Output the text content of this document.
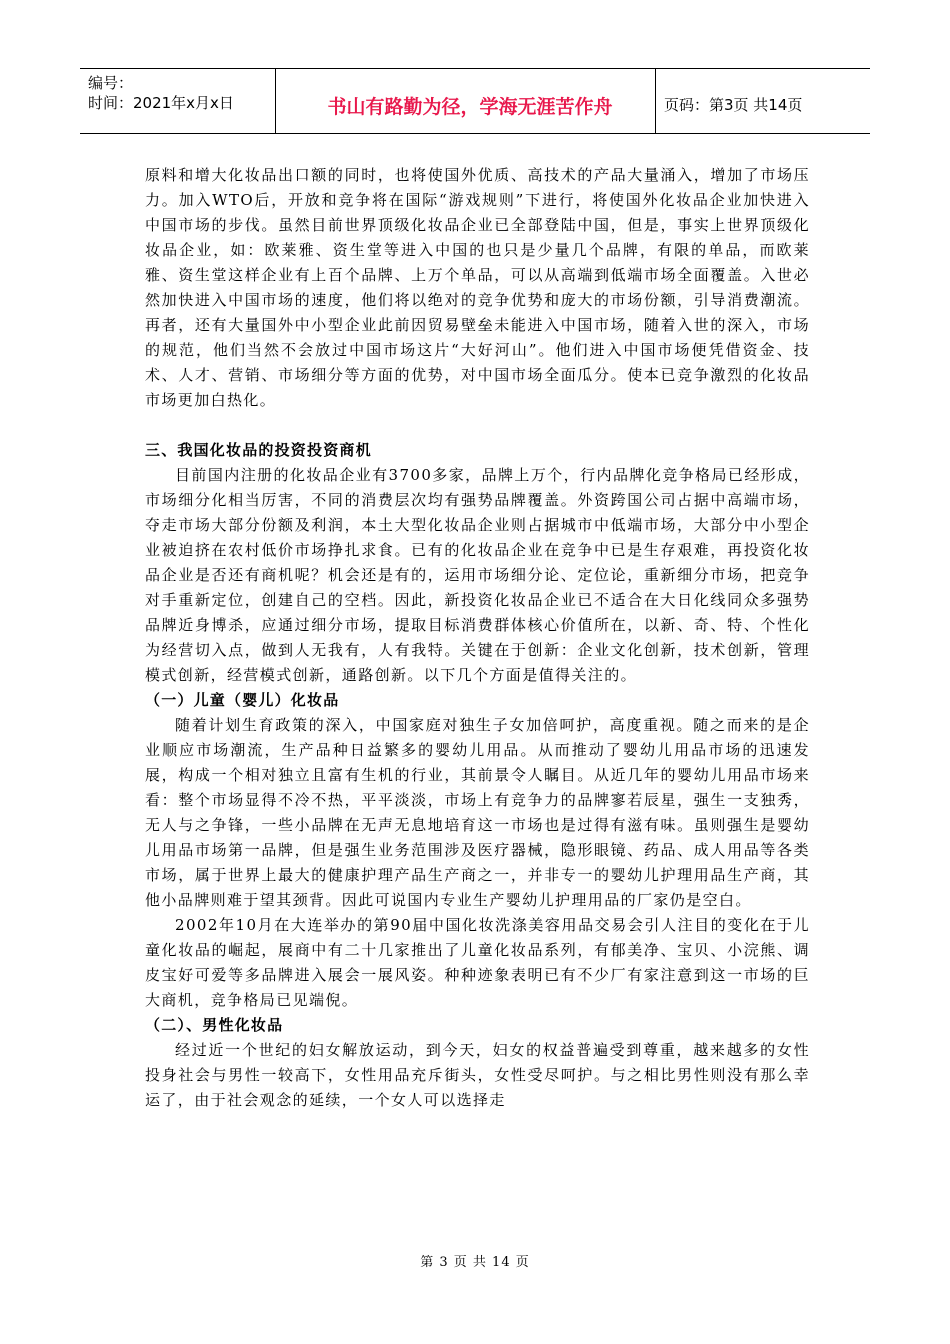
编号：
时间：2021年x月x日	书山有路勤为径，学海无涯苦作舟	页码：第3页 共14页

原料和增大化妆品出口额的同时，也将使国外优质、高技术的产品大量涌入，增加了市场压力。加入WTO后，开放和竞争将在国际“游戏规则”下进行，将使国外化妆品企业加快进入中国市场的步伐。虽然目前世界顶级化妆品企业已全部登陆中国，但是，事实上世界顶级化妆品企业，如：欧莱雅、资生堂等进入中国的也只是少量几个品牌，有限的单品，而欧莱雅、资生堂这样企业有上百个品牌、上万个单品，可以从高端到低端市场全面覆盖。入世必然加快进入中国市场的速度，他们将以绝对的竞争优势和庞大的市场份额，引导消费潮流。再者，还有大量国外中小型企业此前因贸易壁垒未能进入中国市场，随着入世的深入，市场的规范，他们当然不会放过中国市场这片“大好河山”。他们进入中国市场便凭借资金、技术、人才、营销、市场细分等方面的优势，对中国市场全面瓜分。使本已竞争激烈的化妆品市场更加白热化。

三、我国化妆品的投资投资商机

目前国内注册的化妆品企业有3700多家，品牌上万个，行内品牌化竞争格局已经形成，市场细分化相当厉害，不同的消费层次均有强势品牌覆盖。外资跨国公司占据中高端市场，夺走市场大部分份额及利润，本土大型化妆品企业则占据城市中低端市场，大部分中小型企业被迫挤在农村低价市场挣扎求食。已有的化妆品企业在竞争中已是生存艰难，再投资化妆品企业是否还有商机呢？机会还是有的，运用市场细分论、定位论，重新细分市场，把竞争对手重新定位，创建自己的空档。因此，新投资化妆品企业已不适合在大日化线同众多强势品牌近身博杀，应通过细分市场，提取目标消费群体核心价值所在，以新、奇、特、个性化为经营切入点，做到人无我有，人有我特。关键在于创新：企业文化创新，技术创新，管理模式创新，经营模式创新，通路创新。以下几个方面是值得关注的。

（一）儿童（婴儿）化妆品

随着计划生育政策的深入，中国家庭对独生子女加倍呵护，高度重视。随之而来的是企业顺应市场潮流，生产品种日益繁多的婴幼儿用品。从而推动了婴幼儿用品市场的迅速发展，构成一个相对独立且富有生机的行业，其前景令人瞩目。从近几年的婴幼儿用品市场来看：整个市场显得不冷不热，平平淡淡，市场上有竞争力的品牌寥若辰星，强生一支独秀，无人与之争锋，一些小品牌在无声无息地培育这一市场也是过得有滋有味。虽则强生是婴幼儿用品市场第一品牌，但是强生业务范围涉及医疗器械，隐形眼镜、药品、成人用品等各类市场，属于世界上最大的健康护理产品生产商之一，并非专一的婴幼儿护理用品生产商，其他小品牌则难于望其颈背。因此可说国内专业生产婴幼儿护理用品的厂家仍是空白。

2002年10月在大连举办的第90届中国化妆洗涤美容用品交易会引人注目的变化在于儿童化妆品的崛起，展商中有二十几家推出了儿童化妆品系列，有郁美净、宝贝、小浣熊、调皮宝好可爱等多品牌进入展会一展风姿。种种迹象表明已有不少厂有家注意到这一市场的巨大商机，竞争格局已见端倪。

（二）、男性化妆品

经过近一个世纪的妇女解放运动，到今天，妇女的权益普遍受到尊重，越来越多的女性投身社会与男性一较高下，女性用品充斥街头，女性受尽呵护。与之相比男性则没有那么幸运了，由于社会观念的延续，一个女人可以选择走

第 3 页 共 14 页
